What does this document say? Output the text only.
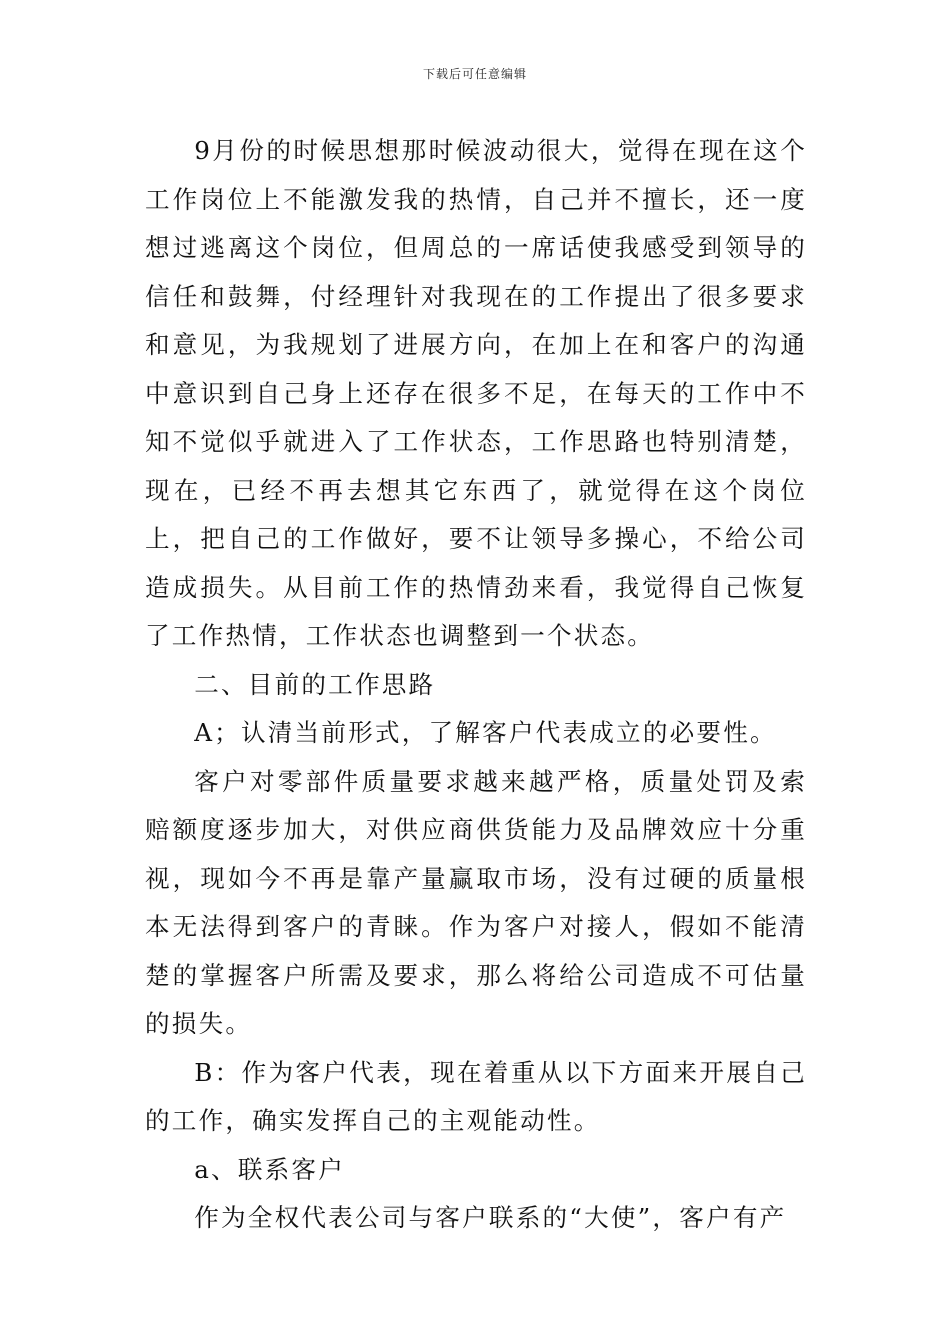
下载后可任意编辑

9月份的时候思想那时候波动很大，觉得在现在这个工作岗位上不能激发我的热情，自己并不擅长，还一度想过逃离这个岗位，但周总的一席话使我感受到领导的信任和鼓舞，付经理针对我现在的工作提出了很多要求和意见，为我规划了进展方向，在加上在和客户的沟通中意识到自己身上还存在很多不足，在每天的工作中不知不觉似乎就进入了工作状态，工作思路也特别清楚，现在，已经不再去想其它东西了，就觉得在这个岗位上，把自己的工作做好，要不让领导多操心，不给公司造成损失。从目前工作的热情劲来看，我觉得自己恢复了工作热情，工作状态也调整到一个状态。

二、目前的工作思路

A；认清当前形式，了解客户代表成立的必要性。

客户对零部件质量要求越来越严格，质量处罚及索赔额度逐步加大，对供应商供货能力及品牌效应十分重视，现如今不再是靠产量赢取市场，没有过硬的质量根本无法得到客户的青睐。作为客户对接人，假如不能清楚的掌握客户所需及要求，那么将给公司造成不可估量的损失。

B：作为客户代表，现在着重从以下方面来开展自己的工作，确实发挥自己的主观能动性。

a、联系客户

作为全权代表公司与客户联系的“大使”，客户有产
